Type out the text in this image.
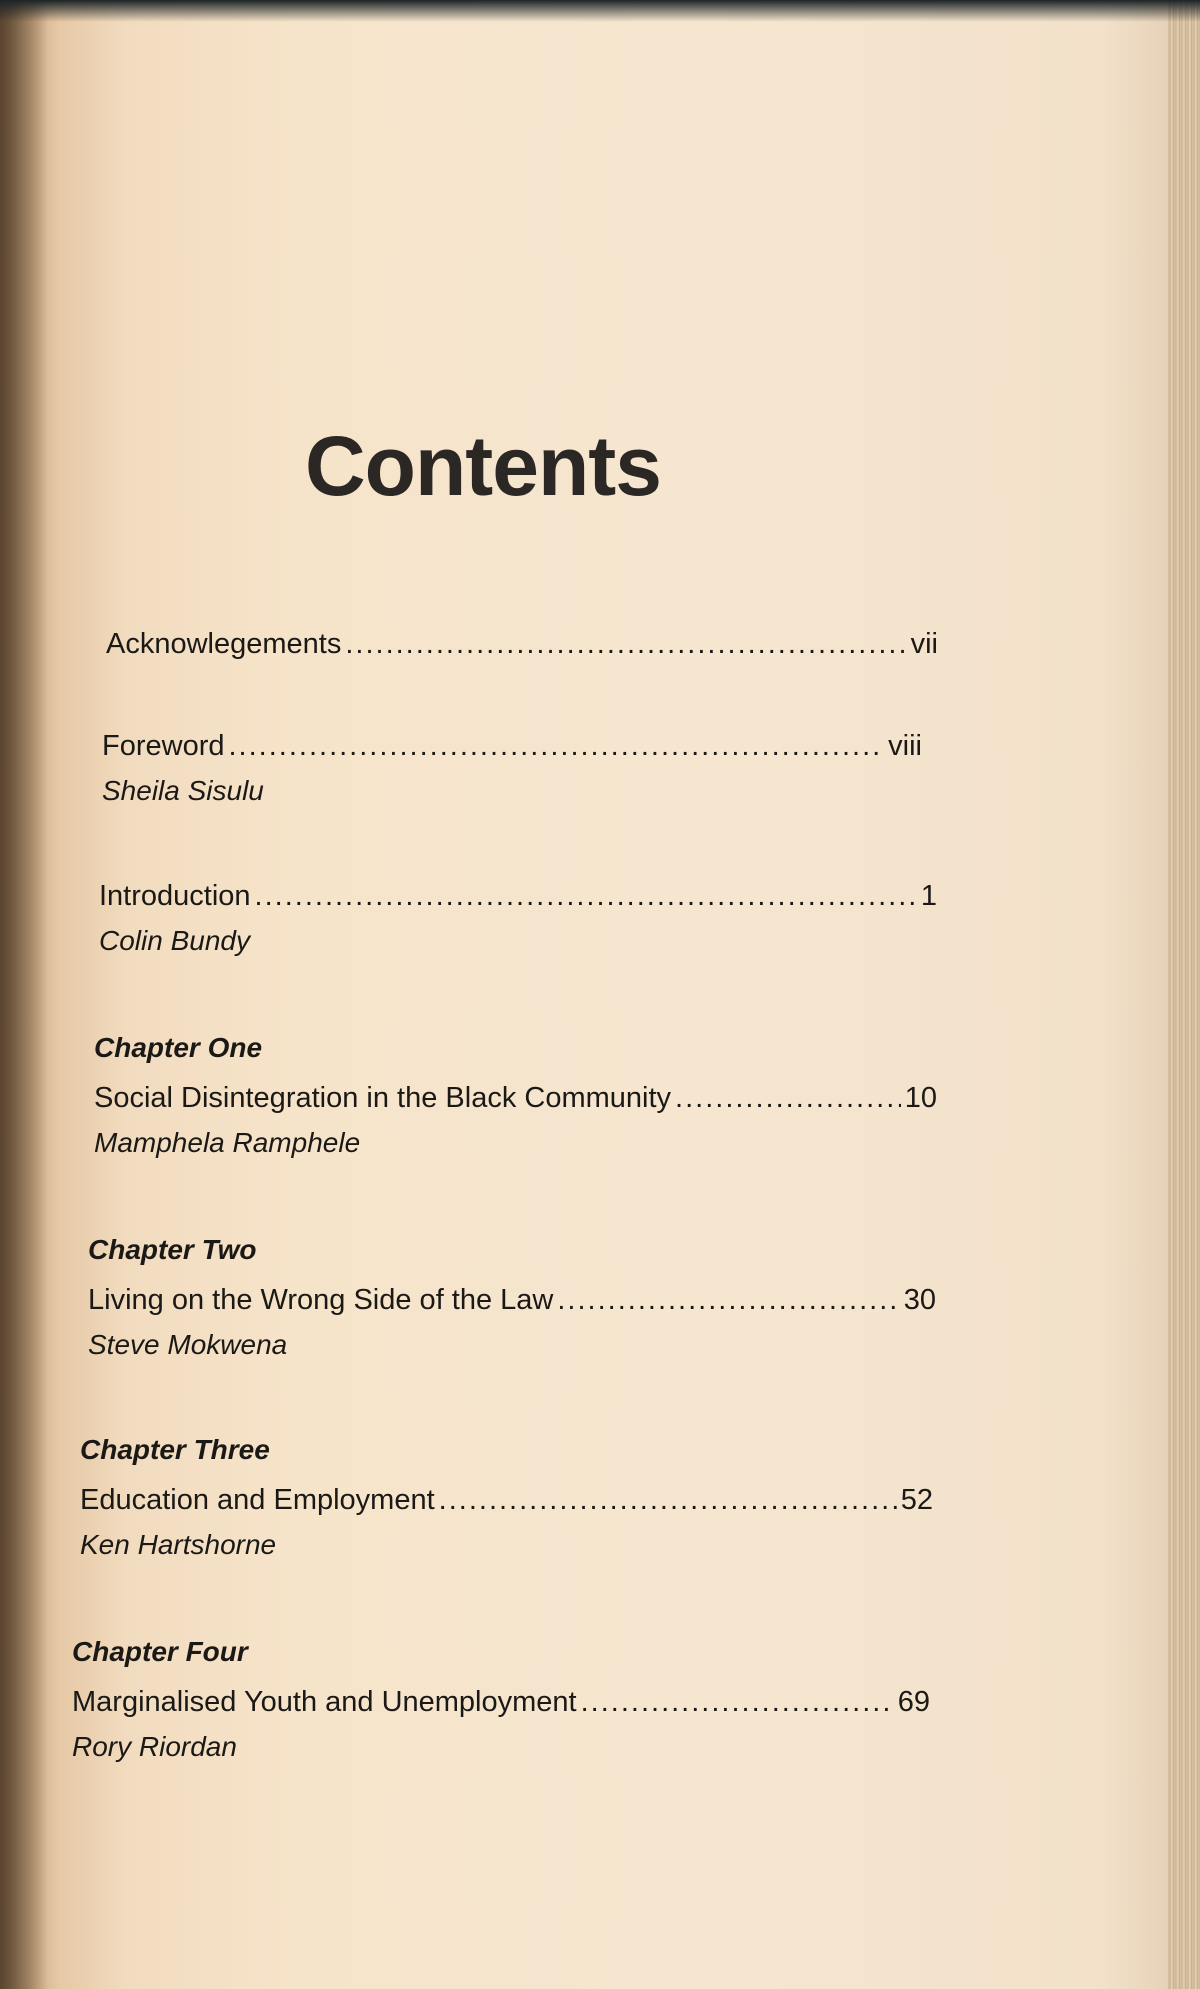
Contents
Acknowlegements .....	vii
Foreword .....	viii
Sheila Sisulu
Introduction .....	1
Colin Bundy
Chapter One
Social Disintegration in the Black Community .....	10
Mamphela Ramphele
Chapter Two
Living on the Wrong Side of the Law .....	30
Steve Mokwena
Chapter Three
Education and Employment .....	52
Ken Hartshorne
Chapter Four
Marginalised Youth and Unemployment .....	69
Rory Riordan
